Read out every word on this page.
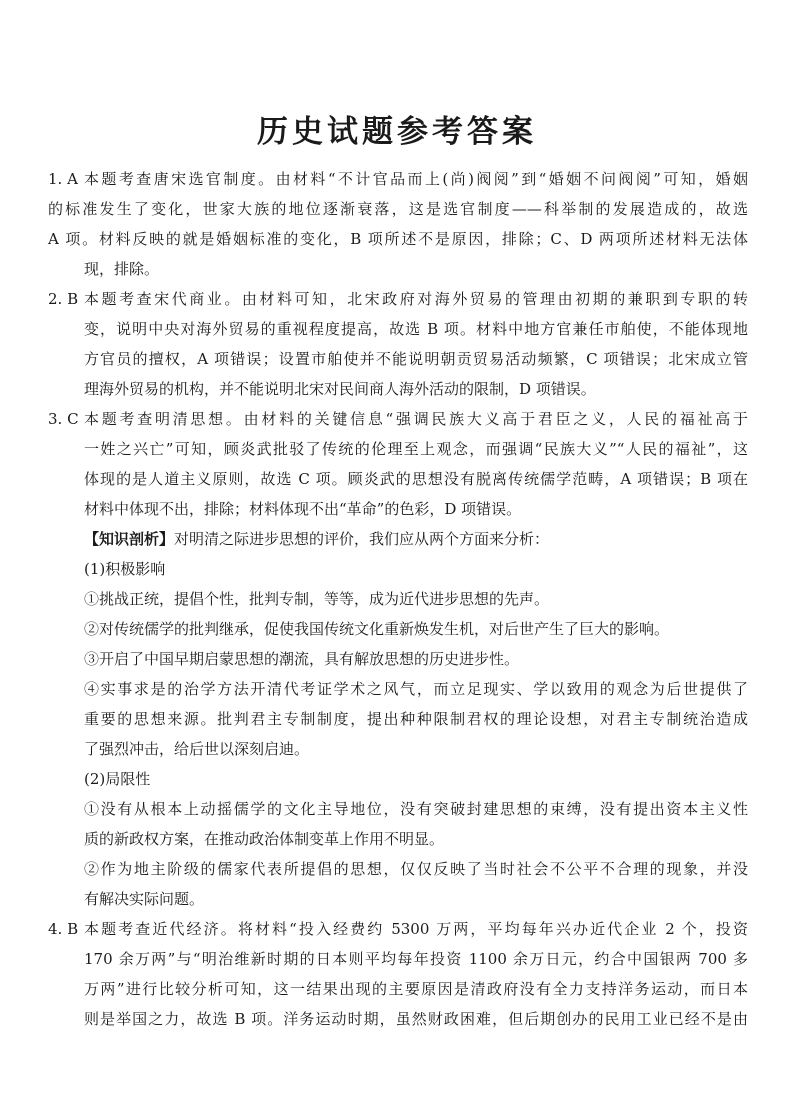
历史试题参考答案
1. A 本题考查唐宋选官制度。由材料“不计官品而上(尚)阀阅”到“婚姻不问阀阅”可知，婚姻
的标准发生了变化，世家大族的地位逐渐衰落，这是选官制度——科举制的发展造成的，故选
A 项。材料反映的就是婚姻标准的变化，B 项所述不是原因，排除；C、D 两项所述材料无法体
现，排除。
2. B 本题考查宋代商业。由材料可知，北宋政府对海外贸易的管理由初期的兼职到专职的转
变，说明中央对海外贸易的重视程度提高，故选 B 项。材料中地方官兼任市舶使，不能体现地
方官员的擅权，A 项错误；设置市舶使并不能说明朝贡贸易活动频繁，C 项错误；北宋成立管
理海外贸易的机构，并不能说明北宋对民间商人海外活动的限制，D 项错误。
3. C 本题考查明清思想。由材料的关键信息“强调民族大义高于君臣之义，人民的福祉高于
一姓之兴亡”可知，顾炎武批驳了传统的伦理至上观念，而强调“民族大义”“人民的福祉”，这
体现的是人道主义原则，故选 C 项。顾炎武的思想没有脱离传统儒学范畴，A 项错误；B 项在
材料中体现不出，排除；材料体现不出“革命”的色彩，D 项错误。
【知识剖析】对明清之际进步思想的评价，我们应从两个方面来分析：
(1)积极影响
①挑战正统，提倡个性，批判专制，等等，成为近代进步思想的先声。
②对传统儒学的批判继承，促使我国传统文化重新焕发生机，对后世产生了巨大的影响。
③开启了中国早期启蒙思想的潮流，具有解放思想的历史进步性。
④实事求是的治学方法开清代考证学术之风气，而立足现实、学以致用的观念为后世提供了
重要的思想来源。批判君主专制制度，提出种种限制君权的理论设想，对君主专制统治造成
了强烈冲击，给后世以深刻启迪。
(2)局限性
①没有从根本上动摇儒学的文化主导地位，没有突破封建思想的束缚，没有提出资本主义性
质的新政权方案，在推动政治体制变革上作用不明显。
②作为地主阶级的儒家代表所提倡的思想，仅仅反映了当时社会不公平不合理的现象，并没
有解决实际问题。
4. B 本题考查近代经济。将材料“投入经费约 5300 万两，平均每年兴办近代企业 2 个，投资
170 余万两”与“明治维新时期的日本则平均每年投资 1100 余万日元，约合中国银两 700 多
万两”进行比较分析可知，这一结果出现的主要原因是清政府没有全力支持洋务运动，而日本
则是举国之力，故选 B 项。洋务运动时期，虽然财政困难，但后期创办的民用工业已经不是由
